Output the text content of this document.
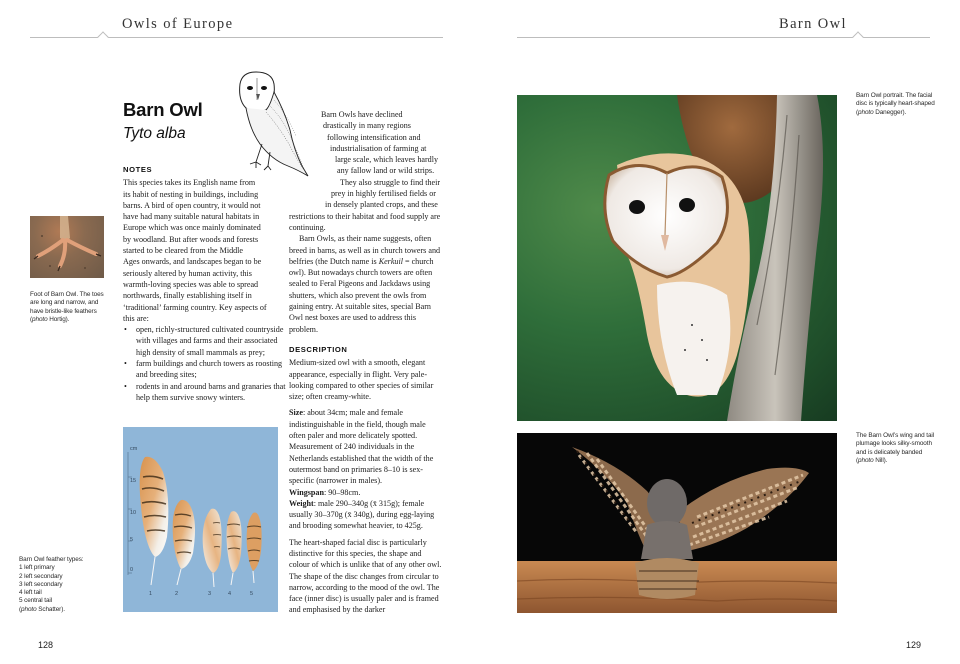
Owls of Europe
Foot of Barn Owl. The toes are long and narrow, and have bristle-like feathers (photo Hortig).
Barn Owl feather types:
1 left primary
2 left secondary
3 left secondary
4 left tail
5 central tail
(photo Schatter).
128
Barn Owl
Tyto alba
NOTES
This species takes its English name from
its habit of nesting in buildings, including
barns. A bird of open country, it would not
have had many suitable natural habitats in
Europe which was once mainly dominated
by woodland. But after woods and forests
started to be cleared from the Middle
Ages onwards, and landscapes began to be
seriously altered by human activity, this
warmth-loving species was able to spread
northwards, finally establishing itself in
‘traditional’ farming country. Key aspects of
this are:
• open, richly-structured cultivated countryside with villages and farms and their associated high density of small mammals as prey;
• farm buildings and church towers as roosting and breeding sites;
• rodents in and around barns and granaries that help them survive snowy winters.
cm
15
10
5
0
1	2	3	4	5
Barn Owls have declined
drastically in many regions
following intensification and
industrialisation of farming at
large scale, which leaves hardly
any fallow land or wild strips.
They also struggle to find their
prey in highly fertilised fields or
in densely planted crops, and these

restrictions to their habitat and food supply are continuing.

Barn Owls, as their name suggests, often breed in barns, as well as in church towers and belfries (the Dutch name is Kerkuil = church owl). But nowadays church towers are often sealed to Feral Pigeons and Jackdaws using shutters, which also prevent the owls from gaining entry. At suitable sites, special Barn Owl nest boxes are used to address this problem.

DESCRIPTION

Medium-sized owl with a smooth, elegant appearance, especially in flight. Very pale-looking compared to other species of similar size; often creamy-white.

Size: about 34cm; male and female indistinguishable in the field, though male often paler and more delicately spotted. Measurement of 240 individuals in the Netherlands established that the width of the outermost band on primaries 8–10 is sex-specific (narrower in males).

Wingspan: 90–98cm.

Weight: male 290–340g (x̄ 315g); female usually 30–370g (x̄ 340g), during egg-laying and brooding somewhat heavier, to 425g.

The heart-shaped facial disc is particularly distinctive for this species, the shape and colour of which is unlike that of any other owl. The shape of the disc changes from circular to narrow, according to the mood of the owl. The face (inner disc) is usually paler and is framed and emphasised by the darker

Barn Owl
Barn Owl portrait. The facial disc is typically heart-shaped (photo Danegger).
The Barn Owl’s wing and tail plumage looks silky-smooth and is delicately banded (photo Nill).
129
